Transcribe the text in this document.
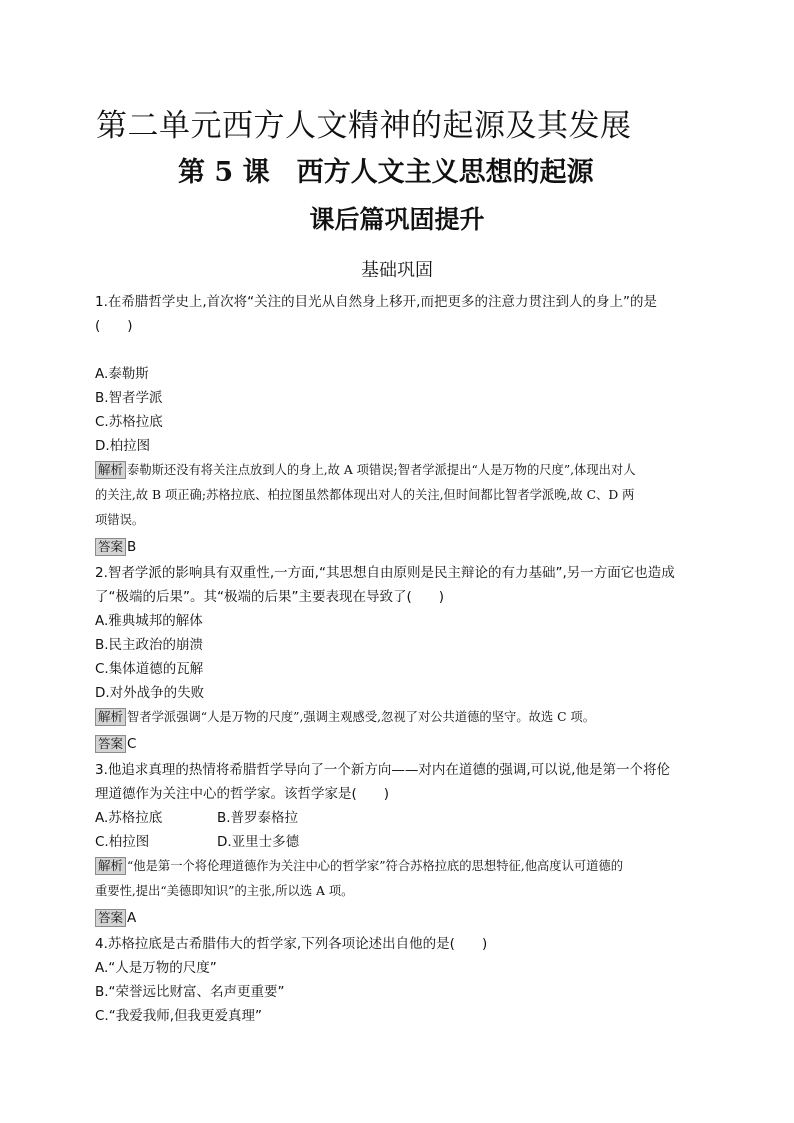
第二单元西方人文精神的起源及其发展
第 5 课　西方人文主义思想的起源
课后篇巩固提升
基础巩固
1.在希腊哲学史上,首次将“关注的目光从自然身上移开,而把更多的注意力贯注到人的身上”的是
(　　)
A.泰勒斯
B.智者学派
C.苏格拉底
D.柏拉图
解析 泰勒斯还没有将关注点放到人的身上,故 A 项错误;智者学派提出“人是万物的尺度”,体现出对人
的关注,故 B 项正确;苏格拉底、柏拉图虽然都体现出对人的关注,但时间都比智者学派晚,故 C、D 两
项错误。
答案 B
2.智者学派的影响具有双重性,一方面,“其思想自由原则是民主辩论的有力基础”,另一方面它也造成
了“极端的后果”。其“极端的后果”主要表现在导致了(　　)
A.雅典城邦的解体
B.民主政治的崩溃
C.集体道德的瓦解
D.对外战争的失败
解析 智者学派强调“人是万物的尺度”,强调主观感受,忽视了对公共道德的坚守。故选 C 项。
答案 C
3.他追求真理的热情将希腊哲学导向了一个新方向——对内在道德的强调,可以说,他是第一个将伦
理道德作为关注中心的哲学家。该哲学家是(　　)
A.苏格拉底	B.普罗泰格拉
C.柏拉图	D.亚里士多德
解析 “他是第一个将伦理道德作为关注中心的哲学家”符合苏格拉底的思想特征,他高度认可道德的
重要性,提出“美德即知识”的主张,所以选 A 项。
答案 A
4.苏格拉底是古希腊伟大的哲学家,下列各项论述出自他的是(　　)
A.“人是万物的尺度”
B.“荣誉远比财富、名声更重要”
C.“我爱我师,但我更爱真理”
